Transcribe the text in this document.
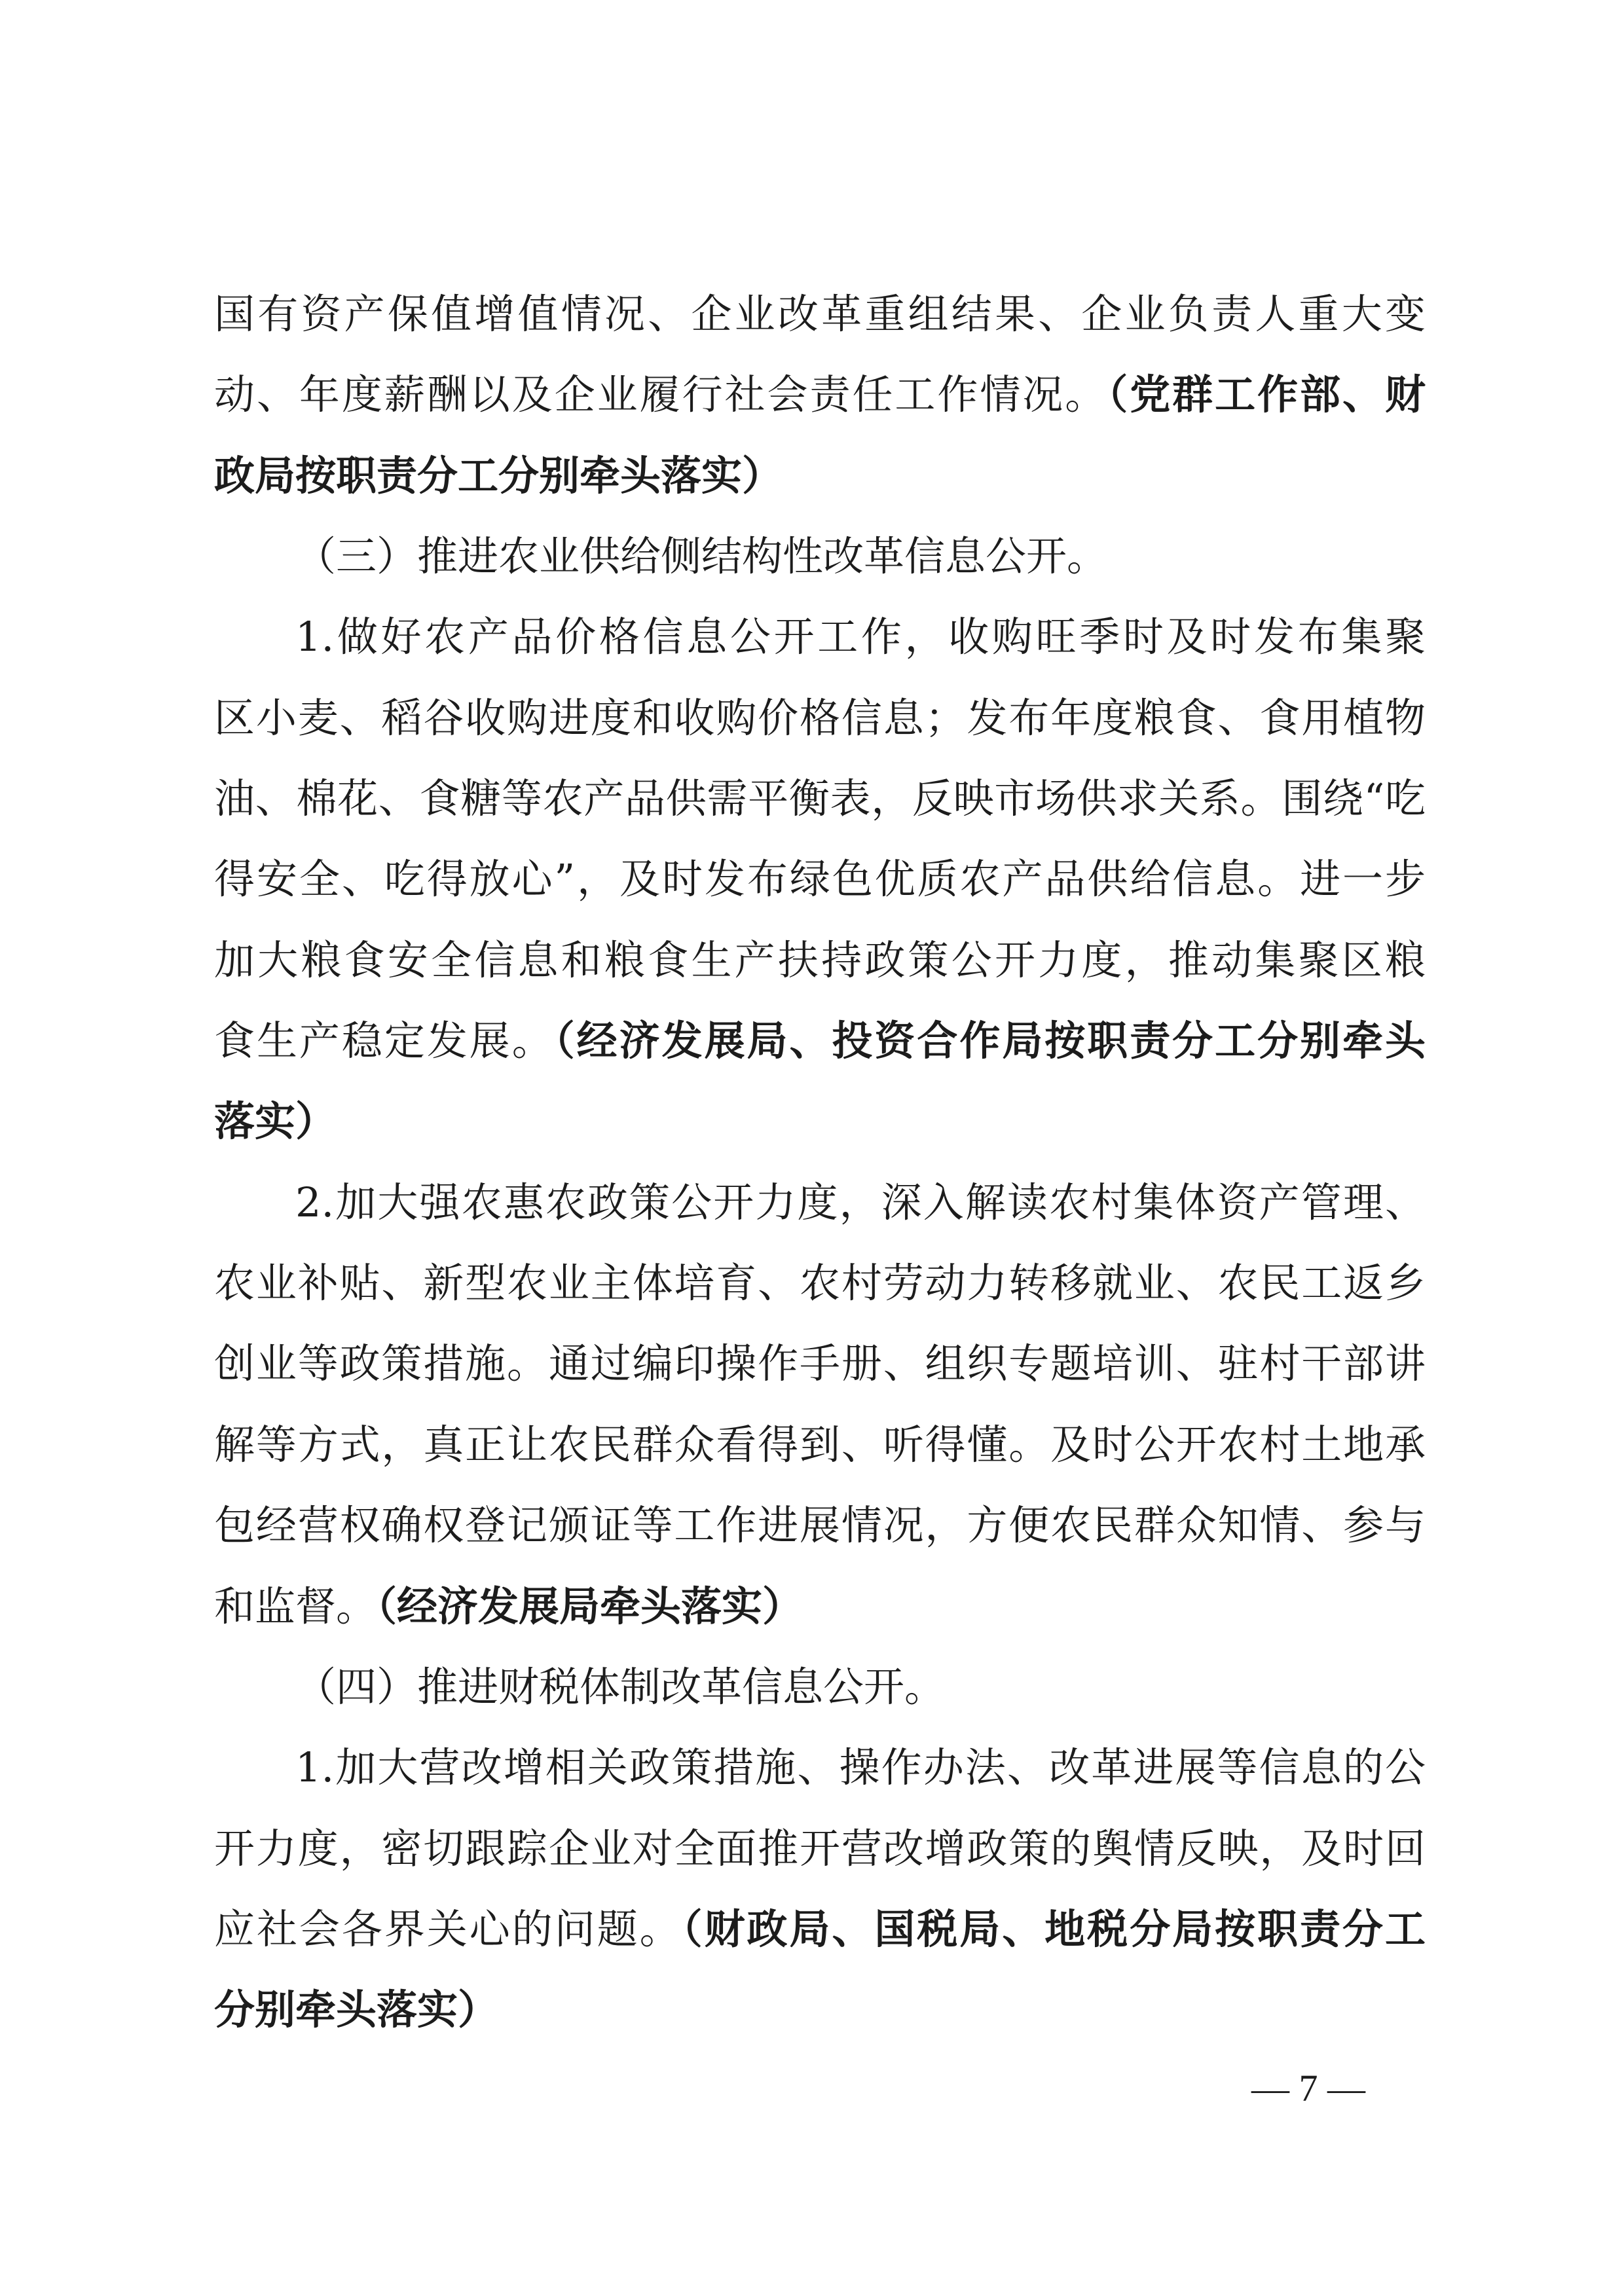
国有资产保值增值情况、企业改革重组结果、企业负责人重大变
动、年度薪酬以及企业履行社会责任工作情况。（党群工作部、财
政局按职责分工分别牵头落实）
（三）推进农业供给侧结构性改革信息公开。
1.做好农产品价格信息公开工作，收购旺季时及时发布集聚
区小麦、稻谷收购进度和收购价格信息；发布年度粮食、食用植物
油、棉花、食糖等农产品供需平衡表，反映市场供求关系。围绕“吃
得安全、吃得放心”，及时发布绿色优质农产品供给信息。进一步
加大粮食安全信息和粮食生产扶持政策公开力度，推动集聚区粮
食生产稳定发展。（经济发展局、投资合作局按职责分工分别牵头
落实）
2.加大强农惠农政策公开力度，深入解读农村集体资产管理、
农业补贴、新型农业主体培育、农村劳动力转移就业、农民工返乡
创业等政策措施。通过编印操作手册、组织专题培训、驻村干部讲
解等方式，真正让农民群众看得到、听得懂。及时公开农村土地承
包经营权确权登记颁证等工作进展情况，方便农民群众知情、参与
和监督。（经济发展局牵头落实）
（四）推进财税体制改革信息公开。
1.加大营改增相关政策措施、操作办法、改革进展等信息的公
开力度，密切跟踪企业对全面推开营改增政策的舆情反映，及时回
应社会各界关心的问题。（财政局、国税局、地税分局按职责分工
分别牵头落实）
— 7 —
